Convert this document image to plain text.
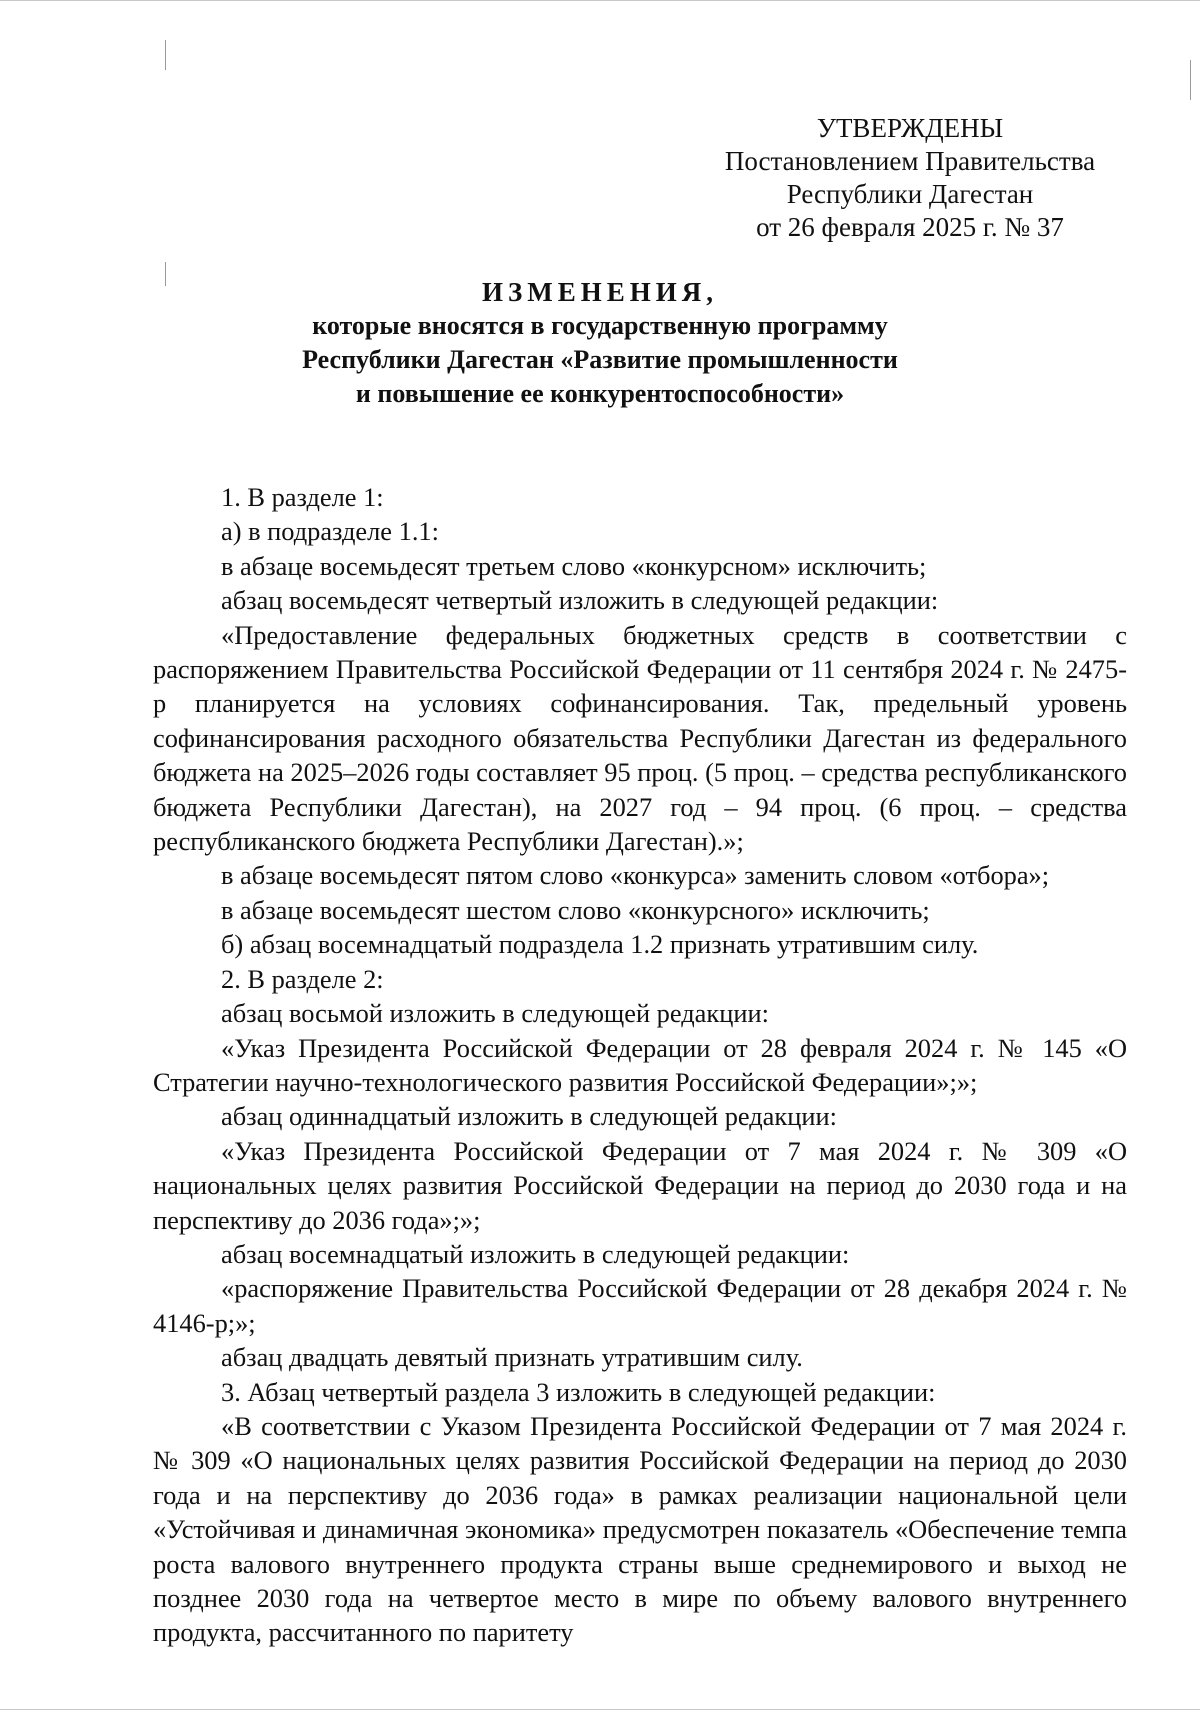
УТВЕРЖДЕНЫ
Постановлением Правительства
Республики Дагестан
от 26 февраля 2025 г. № 37
ИЗМЕНЕНИЯ,
которые вносятся в государственную программу
Республики Дагестан «Развитие промышленности
и повышение ее конкурентоспособности»

1. В разделе 1:

а) в подразделе 1.1:

в абзаце восемьдесят третьем слово «конкурсном» исключить;

абзац восемьдесят четвертый изложить в следующей редакции:

«Предоставление федеральных бюджетных средств в соответствии с распоряжением Правительства Российской Федерации от 11 сентября 2024 г. № 2475-р планируется на условиях софинансирования. Так, предельный уровень софинансирования расходного обязательства Республики Дагестан из федерального бюджета на 2025–2026 годы составляет 95 проц. (5 проц. – средства республиканского бюджета Республики Дагестан), на 2027 год – 94 проц. (6 проц. – средства республиканского бюджета Республики Дагестан).»;

в абзаце восемьдесят пятом слово «конкурса» заменить словом «отбора»;

в абзаце восемьдесят шестом слово «конкурсного» исключить;

б) абзац восемнадцатый подраздела 1.2 признать утратившим силу.

2. В разделе 2:

абзац восьмой изложить в следующей редакции:

«Указ Президента Российской Федерации от 28 февраля 2024 г. № 145 «О Стратегии научно-технологического развития Российской Федерации»;»;

абзац одиннадцатый изложить в следующей редакции:

«Указ Президента Российской Федерации от 7 мая 2024 г. № 309 «О национальных целях развития Российской Федерации на период до 2030 года и на перспективу до 2036 года»;»;

абзац восемнадцатый изложить в следующей редакции:

«распоряжение Правительства Российской Федерации от 28 декабря 2024 г. № 4146-р;»;

абзац двадцать девятый признать утратившим силу.

3. Абзац четвертый раздела 3 изложить в следующей редакции:

«В соответствии с Указом Президента Российской Федерации от 7 мая 2024 г. № 309 «О национальных целях развития Российской Федерации на период до 2030 года и на перспективу до 2036 года» в рамках реализации национальной цели «Устойчивая и динамичная экономика» предусмотрен показатель «Обеспечение темпа роста валового внутреннего продукта страны выше среднемирового и выход не позднее 2030 года на четвертое место в мире по объему валового внутреннего продукта, рассчитанного по паритету
